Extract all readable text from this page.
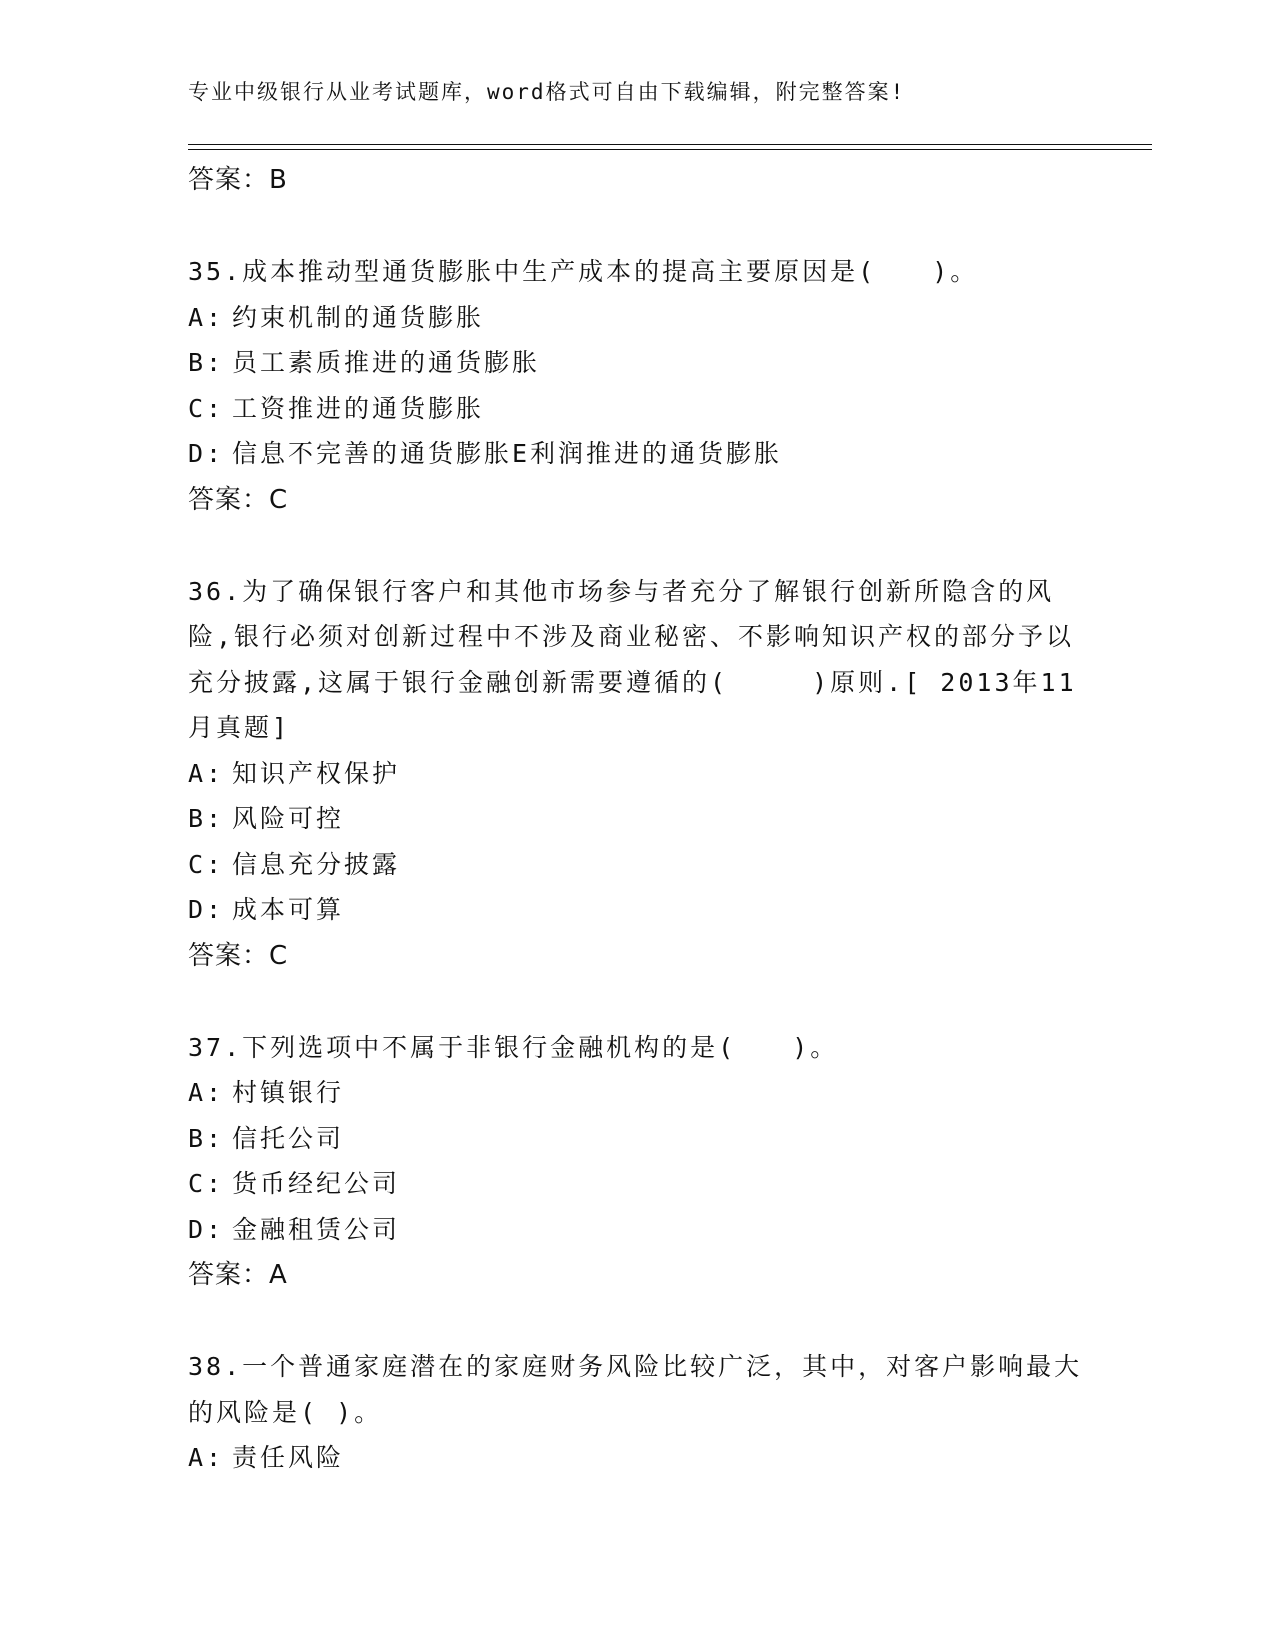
专业中级银行从业考试题库，word格式可自由下载编辑，附完整答案!
答案：B

35.成本推动型通货膨胀中生产成本的提高主要原因是(　　)。

A: 约束机制的通货膨胀
B: 员工素质推进的通货膨胀
C: 工资推进的通货膨胀
D: 信息不完善的通货膨胀E利润推进的通货膨胀
答案：C

36.为了确保银行客户和其他市场参与者充分了解银行创新所隐含的风险,银行必须对创新过程中不涉及商业秘密、不影响知识产权的部分予以充分披露,这属于银行金融创新需要遵循的(　　　)原则.[ 2013年11月真题]

A: 知识产权保护
B: 风险可控
C: 信息充分披露
D: 成本可算
答案：C

37.下列选项中不属于非银行金融机构的是(　　)。

A: 村镇银行
B: 信托公司
C: 货币经纪公司
D: 金融租赁公司
答案：A

38.一个普通家庭潜在的家庭财务风险比较广泛，其中，对客户影响最大的风险是( )。

A: 责任风险
